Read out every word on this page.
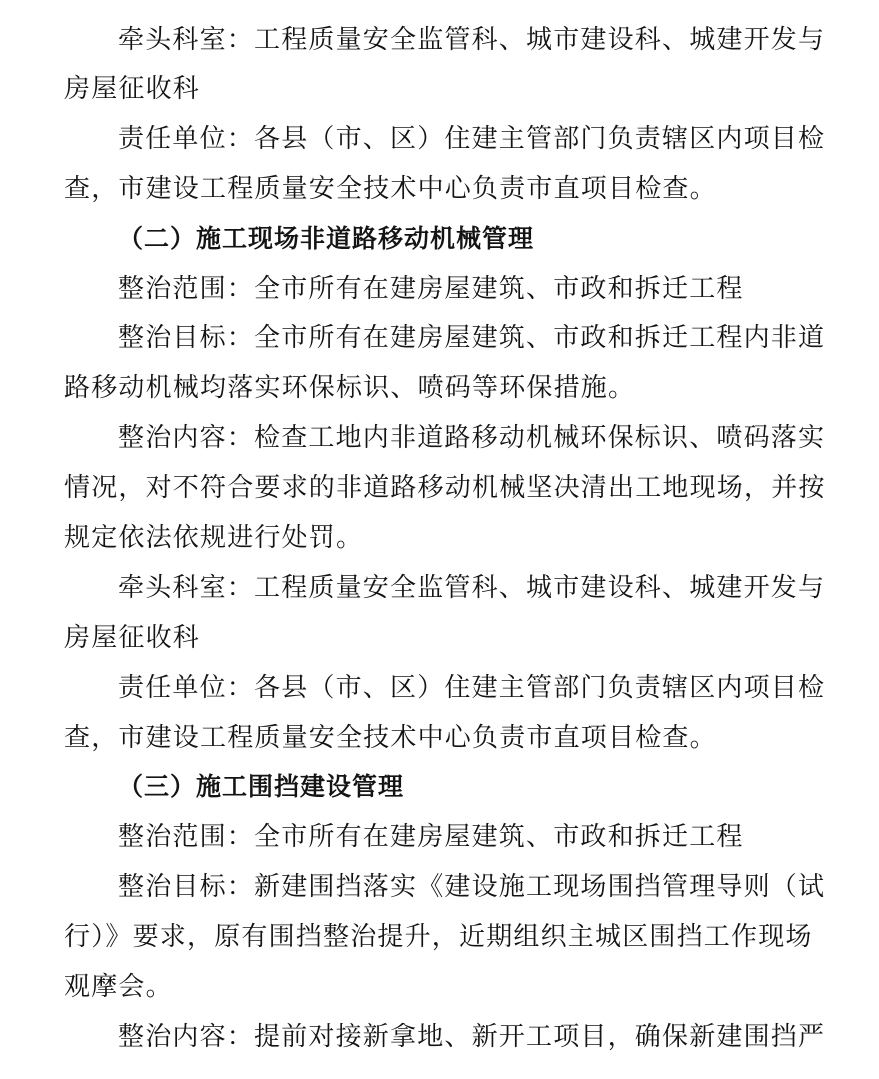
牵头科室：工程质量安全监管科、城市建设科、城建开发与
房屋征收科
责任单位：各县（市、区）住建主管部门负责辖区内项目检
查，市建设工程质量安全技术中心负责市直项目检查。
（二）施工现场非道路移动机械管理
整治范围：全市所有在建房屋建筑、市政和拆迁工程
整治目标：全市所有在建房屋建筑、市政和拆迁工程内非道
路移动机械均落实环保标识、喷码等环保措施。
整治内容：检查工地内非道路移动机械环保标识、喷码落实
情况，对不符合要求的非道路移动机械坚决清出工地现场，并按
规定依法依规进行处罚。
牵头科室：工程质量安全监管科、城市建设科、城建开发与
房屋征收科
责任单位：各县（市、区）住建主管部门负责辖区内项目检
查，市建设工程质量安全技术中心负责市直项目检查。
（三）施工围挡建设管理
整治范围：全市所有在建房屋建筑、市政和拆迁工程
整治目标：新建围挡落实《建设施工现场围挡管理导则（试
行）》要求，原有围挡整治提升，近期组织主城区围挡工作现场
观摩会。
整治内容：提前对接新拿地、新开工项目，确保新建围挡严
